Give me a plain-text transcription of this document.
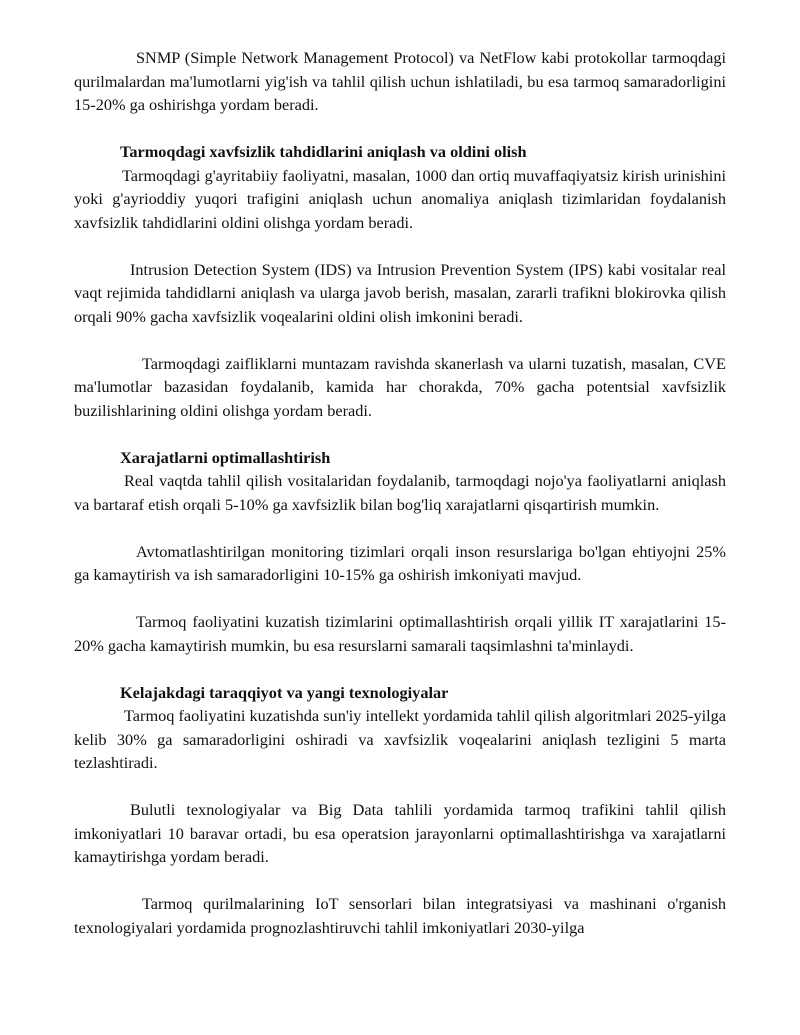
SNMP (Simple Network Management Protocol) va NetFlow kabi protokollar tarmoqdagi qurilmalardan ma'lumotlarni yig'ish va tahlil qilish uchun ishlatiladi, bu esa tarmoq samaradorligini 15-20% ga oshirishga yordam beradi.

Tarmoqdagi xavfsizlik tahdidlarini aniqlash va oldini olish

Tarmoqdagi g'ayritabiiy faoliyatni, masalan, 1000 dan ortiq muvaffaqiyatsiz kirish urinishini yoki g'ayrioddiy yuqori trafigini aniqlash uchun anomaliya aniqlash tizimlaridan foydalanish xavfsizlik tahdidlarini oldini olishga yordam beradi.

Intrusion Detection System (IDS) va Intrusion Prevention System (IPS) kabi vositalar real vaqt rejimida tahdidlarni aniqlash va ularga javob berish, masalan, zararli trafikni blokirovka qilish orqali 90% gacha xavfsizlik voqealarini oldini olish imkonini beradi.

Tarmoqdagi zaifliklarni muntazam ravishda skanerlash va ularni tuzatish, masalan, CVE ma'lumotlar bazasidan foydalanib, kamida har chorakda, 70% gacha potentsial xavfsizlik buzilishlarining oldini olishga yordam beradi.

Xarajatlarni optimallashtirish

Real vaqtda tahlil qilish vositalaridan foydalanib, tarmoqdagi nojo'ya faoliyatlarni aniqlash va bartaraf etish orqali 5-10% ga xavfsizlik bilan bog'liq xarajatlarni qisqartirish mumkin.

Avtomatlashtirilgan monitoring tizimlari orqali inson resurslariga bo'lgan ehtiyojni 25% ga kamaytirish va ish samaradorligini 10-15% ga oshirish imkoniyati mavjud.

Tarmoq faoliyatini kuzatish tizimlarini optimallashtirish orqali yillik IT xarajatlarini 15-20% gacha kamaytirish mumkin, bu esa resurslarni samarali taqsimlashni ta'minlaydi.

Kelajakdagi taraqqiyot va yangi texnologiyalar

Tarmoq faoliyatini kuzatishda sun'iy intellekt yordamida tahlil qilish algoritmlari 2025-yilga kelib 30% ga samaradorligini oshiradi va xavfsizlik voqealarini aniqlash tezligini 5 marta tezlashtiradi.

Bulutli texnologiyalar va Big Data tahlili yordamida tarmoq trafikini tahlil qilish imkoniyatlari 10 baravar ortadi, bu esa operatsion jarayonlarni optimallashtirishga va xarajatlarni kamaytirishga yordam beradi.

Tarmoq qurilmalarining IoT sensorlari bilan integratsiyasi va mashinani o'rganish texnologiyalari yordamida prognozlashtiruvchi tahlil imkoniyatlari 2030-yilga
